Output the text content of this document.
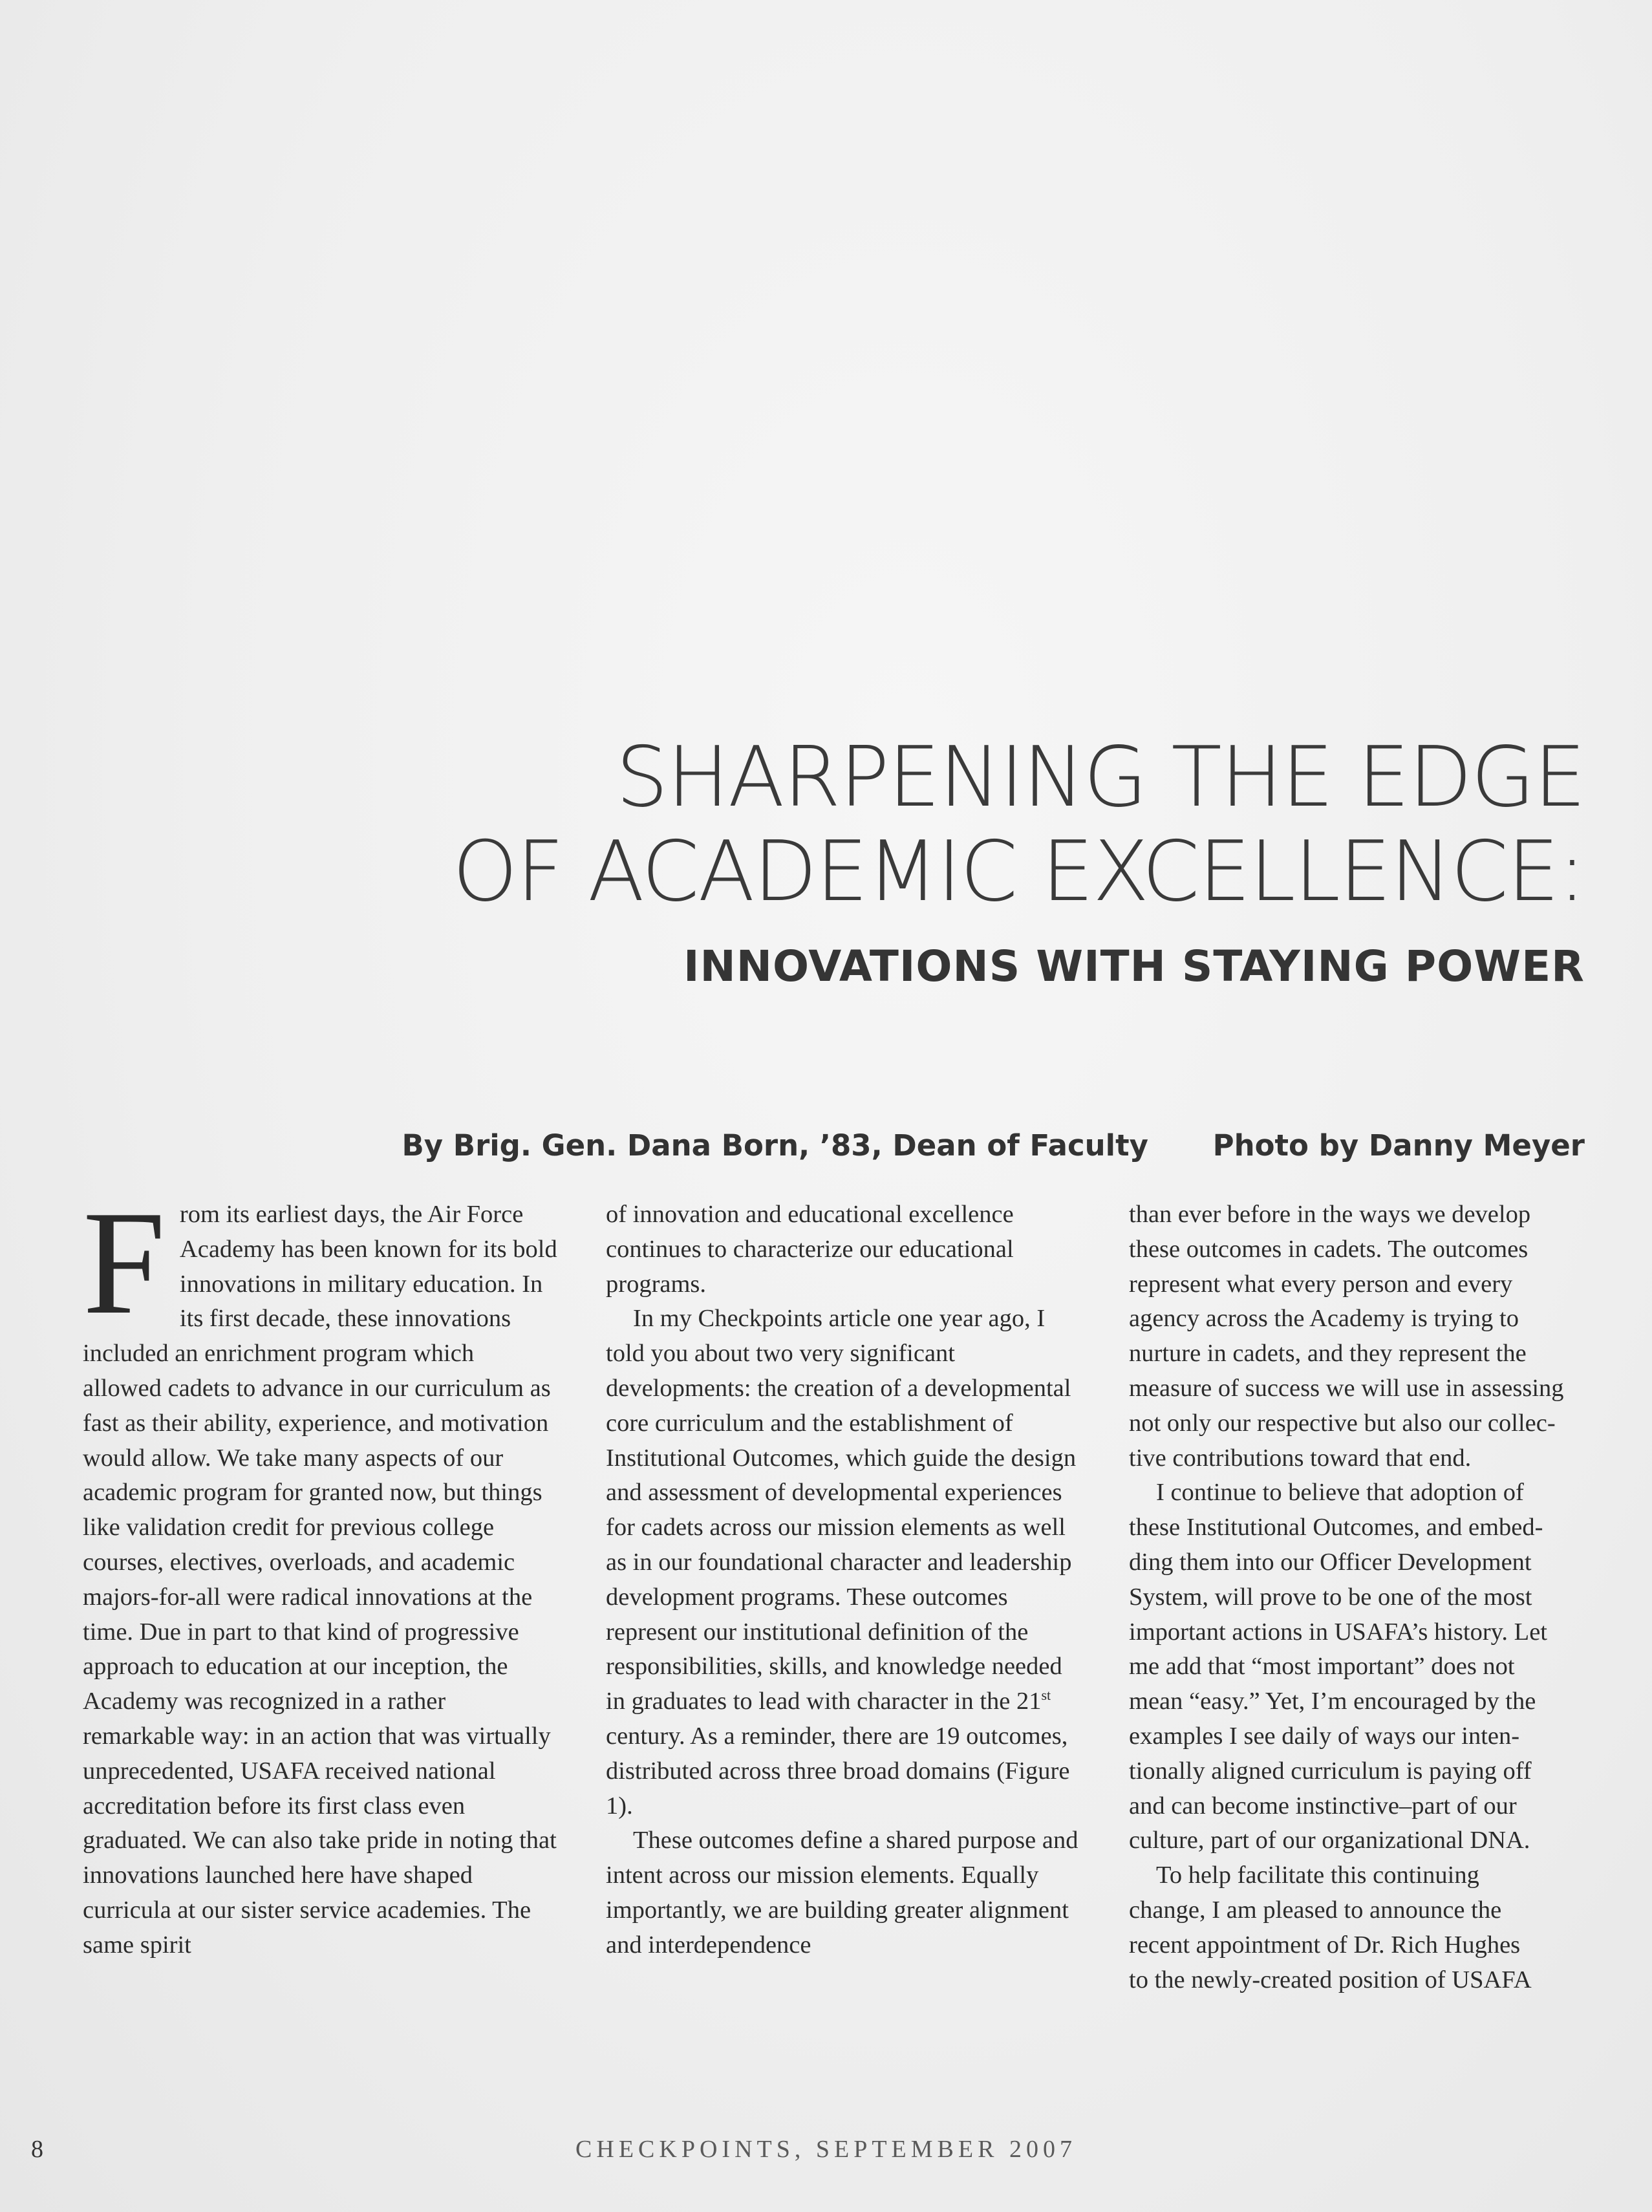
SHARPENING THE EDGE
OF ACADEMIC EXCELLENCE:
INNOVATIONS WITH STAYING POWER
By Brig. Gen. Dana Born, ’83, Dean of Faculty Photo by Danny Meyer

From its earliest days, the Air Force Academy has been known for its bold innovations in military education. In its first decade, these innovations included an enrichment program which allowed cadets to advance in our curriculum as fast as their ability, experience, and motivation would allow. We take many aspects of our academic program for granted now, but things like validation credit for previous college courses, electives, overloads, and academic majors-for-all were radical innovations at the time. Due in part to that kind of progressive approach to education at our inception, the Academy was recognized in a rather remarkable way: in an action that was virtually unprecedented, USAFA received national accreditation before its first class even graduated. We can also take pride in noting that innovations launched here have shaped curricula at our sister service academies. The same spirit

of innovation and educational excellence continues to characterize our educational programs.

In my Checkpoints article one year ago, I told you about two very significant developments: the creation of a developmental core curriculum and the establishment of Institutional Outcomes, which guide the design and assessment of developmental experiences for cadets across our mission elements as well as in our foundational character and leadership development programs. These outcomes represent our institutional definition of the responsibilities, skills, and knowledge needed in graduates to lead with character in the 21st century. As a reminder, there are 19 outcomes, distributed across three broad domains (Figure 1).

These outcomes define a shared purpose and intent across our mission elements. Equally importantly, we are building greater alignment and interdependence

than ever before in the ways we develop
these outcomes in cadets. The outcomes
represent what every person and every
agency across the Academy is trying to
nurture in cadets, and they represent the
measure of success we will use in assessing
not only our respective but also our collec-
tive contributions toward that end.

I continue to believe that adoption of
these Institutional Outcomes, and embed-
ding them into our Officer Development
System, will prove to be one of the most
important actions in USAFA’s history. Let
me add that “most important” does not
mean “easy.” Yet, I’m encouraged by the
examples I see daily of ways our inten-
tionally aligned curriculum is paying off
and can become instinctive–part of our
culture, part of our organizational DNA.

To help facilitate this continuing
change, I am pleased to announce the
recent appointment of Dr. Rich Hughes
to the newly-created position of USAFA

8	CHECKPOINTS, SEPTEMBER 2007
